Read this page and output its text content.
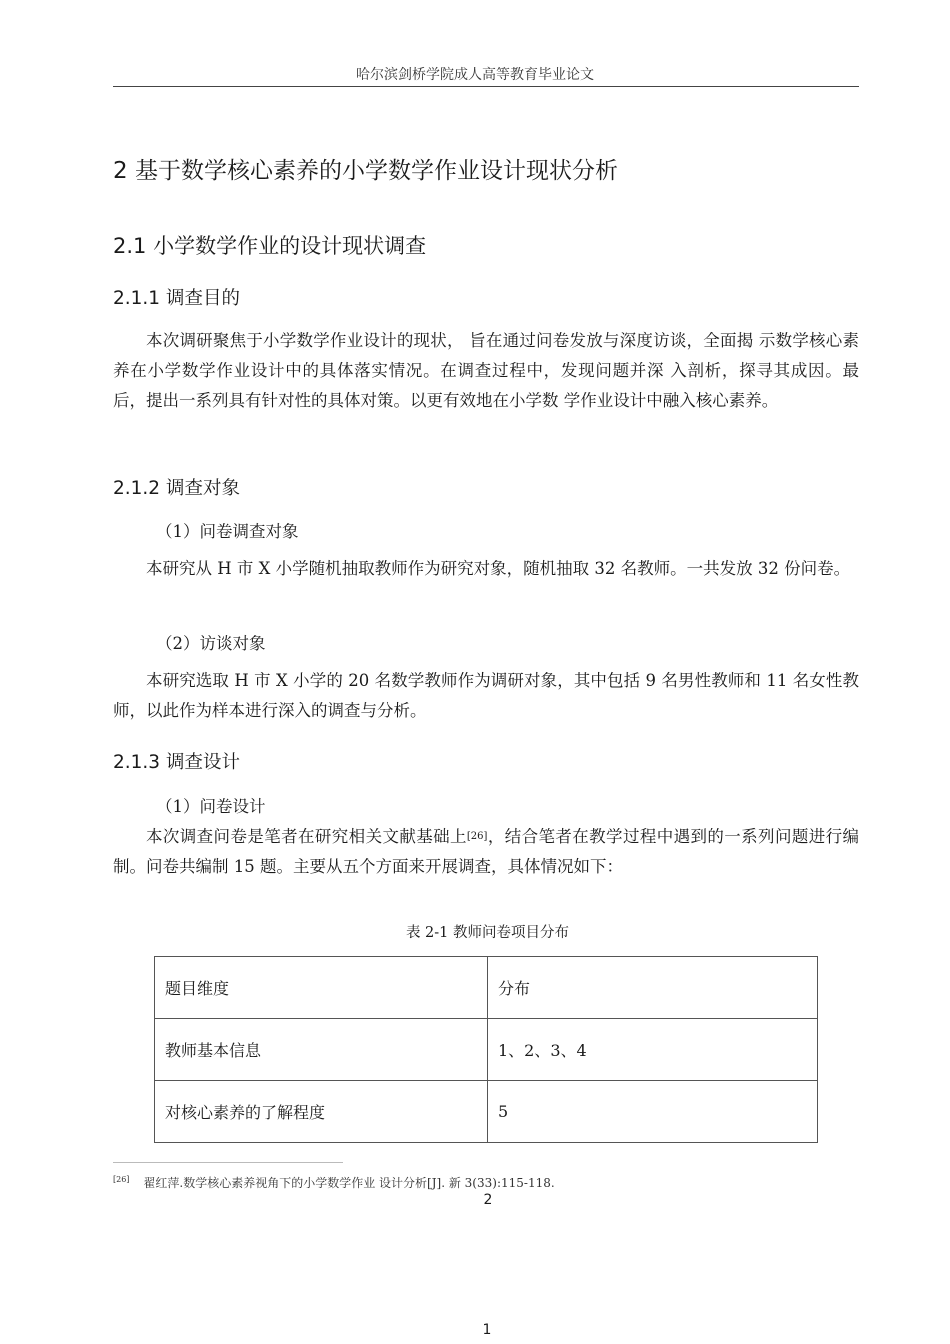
哈尔滨剑桥学院成人高等教育毕业论文
2 基于数学核心素养的小学数学作业设计现状分析
2.1 小学数学作业的设计现状调查
2.1.1 调查目的
本次调研聚焦于小学数学作业设计的现状， 旨在通过问卷发放与深度访谈，全面揭 示数学核心素养在小学数学作业设计中的具体落实情况。在调查过程中，发现问题并深 入剖析，探寻其成因。最后，提出一系列具有针对性的具体对策。以更有效地在小学数 学作业设计中融入核心素养。
2.1.2 调查对象
（1）问卷调查对象
本研究从 H 市 X 小学随机抽取教师作为研究对象，随机抽取 32 名教师。一共发放 32 份问卷。
（2）访谈对象
本研究选取 H 市 X 小学的 20 名数学教师作为调研对象，其中包括 9 名男性教师和 11 名女性教师，以此作为样本进行深入的调查与分析。
2.1.3 调查设计
（1）问卷设计
本次调查问卷是笔者在研究相关文献基础上[26]，结合笔者在教学过程中遇到的一系列问题进行编制。问卷共编制 15 题。主要从五个方面来开展调查，具体情况如下：
表 2-1 教师问卷项目分布
题目维度	分布
教师基本信息	1、2、3、4
对核心素养的了解程度	5
[26] 翟红萍.数学核心素养视角下的小学数学作业 设计分析[J]. 新 3(33):115-118.
2
1
